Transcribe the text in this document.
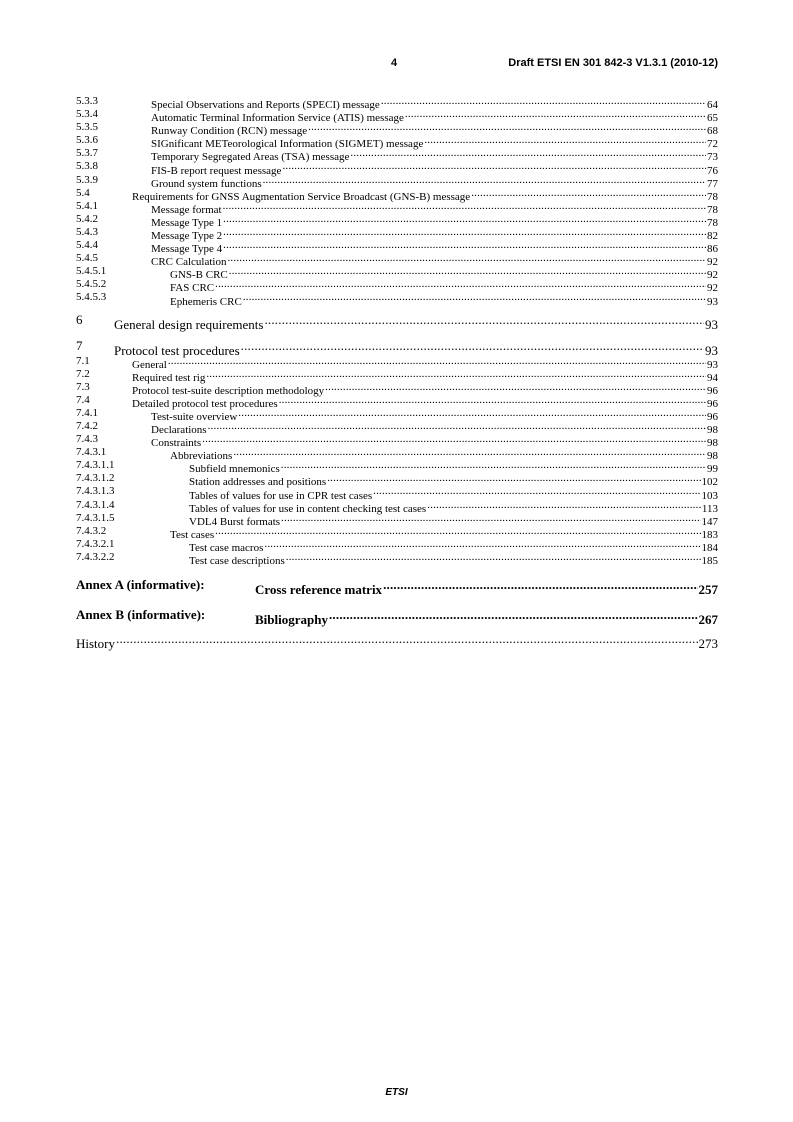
4	Draft ETSI EN 301 842-3 V1.3.1 (2010-12)
5.3.3	Special Observations and Reports (SPECI) message .....	64
5.3.4	Automatic Terminal Information Service (ATIS) message .....	65
5.3.5	Runway Condition (RCN) message .....	68
5.3.6	SIGnificant METeorological Information (SIGMET) message .....	72
5.3.7	Temporary Segregated Areas (TSA) message .....	73
5.3.8	FIS-B report request message .....	76
5.3.9	Ground system functions .....	77
5.4	Requirements for GNSS Augmentation Service Broadcast (GNS-B) message .....	78
5.4.1	Message format .....	78
5.4.2	Message Type 1 .....	78
5.4.3	Message Type 2 .....	82
5.4.4	Message Type 4 .....	86
5.4.5	CRC Calculation .....	92
5.4.5.1	GNS-B CRC .....	92
5.4.5.2	FAS CRC .....	92
5.4.5.3	Ephemeris CRC .....	93
6 General design requirements .....	93
7 Protocol test procedures .....	93
7.1	General .....	93
7.2	Required test rig .....	94
7.3	Protocol test-suite description methodology .....	96
7.4	Detailed protocol test procedures .....	96
7.4.1	Test-suite overview .....	96
7.4.2	Declarations .....	98
7.4.3	Constraints .....	98
7.4.3.1	Abbreviations .....	98
7.4.3.1.1	Subfield mnemonics .....	99
7.4.3.1.2	Station addresses and positions .....	102
7.4.3.1.3	Tables of values for use in CPR test cases .....	103
7.4.3.1.4	Tables of values for use in content checking test cases .....	113
7.4.3.1.5	VDL4 Burst formats .....	147
7.4.3.2	Test cases .....	183
7.4.3.2.1	Test case macros .....	184
7.4.3.2.2	Test case descriptions .....	185
Annex A (informative):	Cross reference matrix .....	257
Annex B (informative):	Bibliography .....	267
History .....	273
ETSI
